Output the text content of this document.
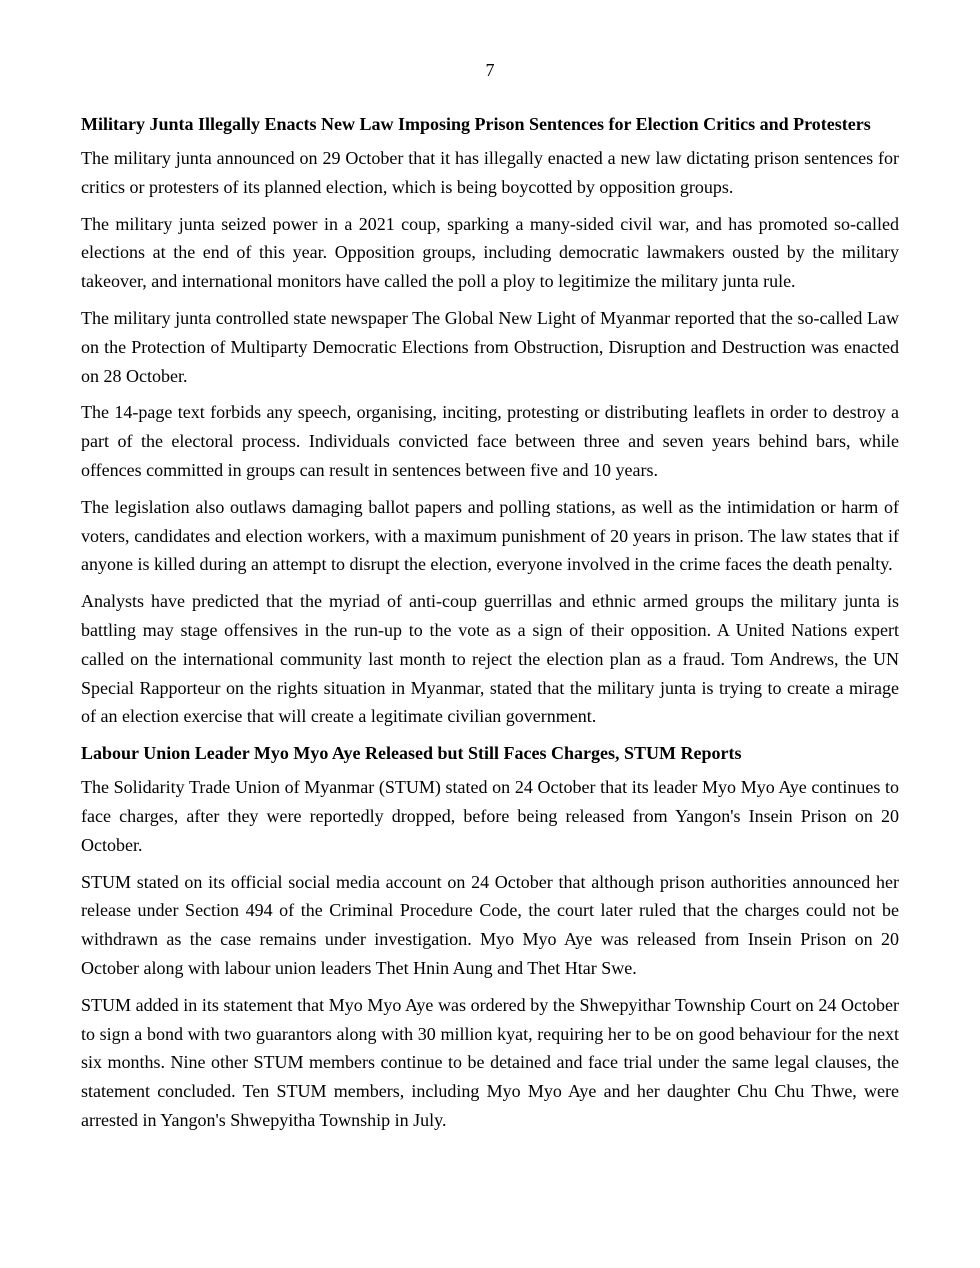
7
Military Junta Illegally Enacts New Law Imposing Prison Sentences for Election Critics and Protesters

The military junta announced on 29 October that it has illegally enacted a new law dictating prison sentences for critics or protesters of its planned election, which is being boycotted by opposition groups.

The military junta seized power in a 2021 coup, sparking a many-sided civil war, and has promoted so-called elections at the end of this year. Opposition groups, including democratic lawmakers ousted by the military takeover, and international monitors have called the poll a ploy to legitimize the military junta rule.

The military junta controlled state newspaper The Global New Light of Myanmar reported that the so-called Law on the Protection of Multiparty Democratic Elections from Obstruction, Disruption and Destruction was enacted on 28 October.

The 14-page text forbids any speech, organising, inciting, protesting or distributing leaflets in order to destroy a part of the electoral process. Individuals convicted face between three and seven years behind bars, while offences committed in groups can result in sentences between five and 10 years.

The legislation also outlaws damaging ballot papers and polling stations, as well as the intimidation or harm of voters, candidates and election workers, with a maximum punishment of 20 years in prison. The law states that if anyone is killed during an attempt to disrupt the election, everyone involved in the crime faces the death penalty.

Analysts have predicted that the myriad of anti-coup guerrillas and ethnic armed groups the military junta is battling may stage offensives in the run-up to the vote as a sign of their opposition. A United Nations expert called on the international community last month to reject the election plan as a fraud. Tom Andrews, the UN Special Rapporteur on the rights situation in Myanmar, stated that the military junta is trying to create a mirage of an election exercise that will create a legitimate civilian government.

Labour Union Leader Myo Myo Aye Released but Still Faces Charges, STUM Reports

The Solidarity Trade Union of Myanmar (STUM) stated on 24 October that its leader Myo Myo Aye continues to face charges, after they were reportedly dropped, before being released from Yangon's Insein Prison on 20 October.

STUM stated on its official social media account on 24 October that although prison authorities announced her release under Section 494 of the Criminal Procedure Code, the court later ruled that the charges could not be withdrawn as the case remains under investigation. Myo Myo Aye was released from Insein Prison on 20 October along with labour union leaders Thet Hnin Aung and Thet Htar Swe.

STUM added in its statement that Myo Myo Aye was ordered by the Shwepyithar Township Court on 24 October to sign a bond with two guarantors along with 30 million kyat, requiring her to be on good behaviour for the next six months. Nine other STUM members continue to be detained and face trial under the same legal clauses, the statement concluded. Ten STUM members, including Myo Myo Aye and her daughter Chu Chu Thwe, were arrested in Yangon's Shwepyitha Township in July.
